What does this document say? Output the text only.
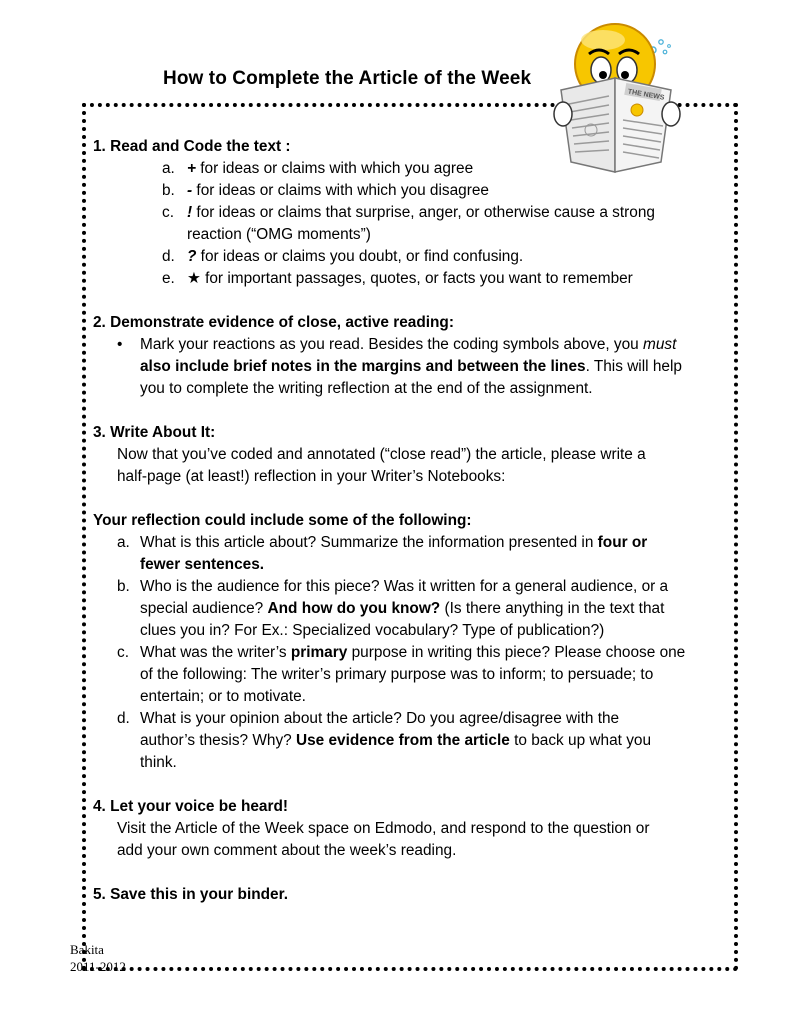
How to Complete the Article of the Week
THE NEWS
1. Read and Code the text :
a. + for ideas or claims with which you agree
b. - for ideas or claims with which you disagree
c. ! for ideas or claims that surprise, anger, or otherwise cause a strong
reaction (“OMG moments”)
d. ? for ideas or claims you doubt, or find confusing.
e. ★ for important passages, quotes, or facts you want to remember
2. Demonstrate evidence of close, active reading:
• Mark your reactions as you read. Besides the coding symbols above, you must
also include brief notes in the margins and between the lines. This will help
you to complete the writing reflection at the end of the assignment.
3. Write About It:
Now that you’ve coded and annotated (“close read”) the article, please write a
half-page (at least!) reflection in your Writer’s Notebooks:
Your reflection could include some of the following:
a. What is this article about? Summarize the information presented in four or
fewer sentences.
b. Who is the audience for this piece? Was it written for a general audience, or a
special audience? And how do you know? (Is there anything in the text that
clues you in? For Ex.: Specialized vocabulary? Type of publication?)
c. What was the writer’s primary purpose in writing this piece? Please choose one
of the following: The writer’s primary purpose was to inform; to persuade; to
entertain; or to motivate.
d. What is your opinion about the article? Do you agree/disagree with the
author’s thesis? Why? Use evidence from the article to back up what you
think.
4. Let your voice be heard!
Visit the Article of the Week space on Edmodo, and respond to the question or
add your own comment about the week’s reading.
5. Save this in your binder.
Bakita
2011-2012
